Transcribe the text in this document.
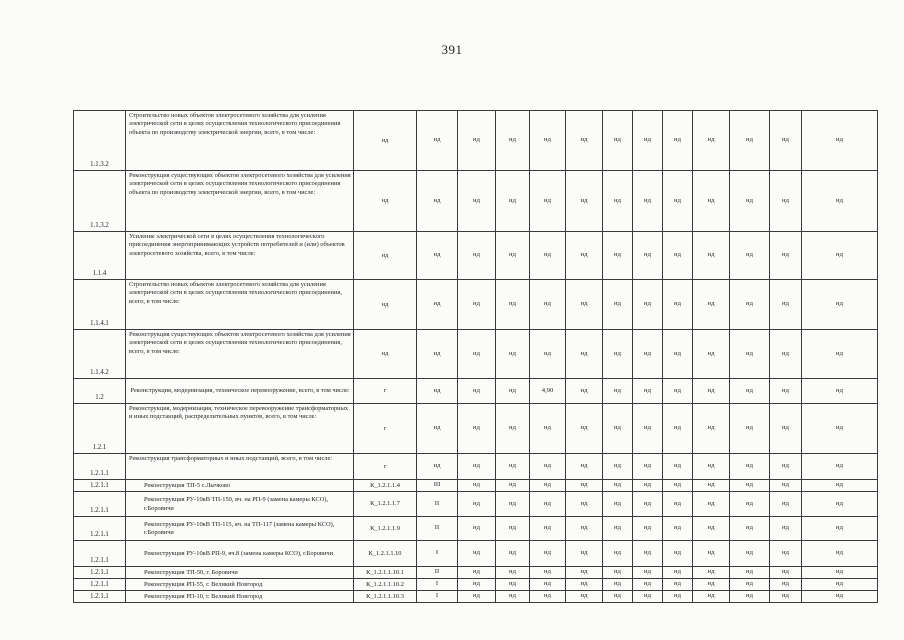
391
1.1.3.2	Строительство новых объектов электросетевого хозяйства для усиления электрической сети в целях осуществления технологического присоединения объекта по производству электрической энергии, всего, в том числе:	нд	нд	нд	нд	нд	нд	нд	нд	нд	нд	нд	нд	нд
1.1.3.2	Реконструкция существующих объектов электросетевого хозяйства для усиления электрической сети в целях осуществления технологического присоединения объекта по производству электрической энергии, всего, в том числе:	нд	нд	нд	нд	нд	нд	нд	нд	нд	нд	нд	нд	нд
1.1.4	Усиление электрической сети в целях осуществления технологического присоединения энергопринимающих устройств потребителей и (или) объектов электросетевого хозяйства, всего, в том числе:	нд	нд	нд	нд	нд	нд	нд	нд	нд	нд	нд	нд	нд
1.1.4.1	Строительство новых объектов электросетевого хозяйства для усиления электрической сети в целях осуществления технологического присоединения, всего, в том числе:	нд	нд	нд	нд	нд	нд	нд	нд	нд	нд	нд	нд	нд
1.1.4.2	Реконструкция существующих объектов электросетевого хозяйства для усиления электрической сети в целях осуществления технологического присоединения, всего, в том числе:	нд	нд	нд	нд	нд	нд	нд	нд	нд	нд	нд	нд	нд
1.2	Реконструкция, модернизация, техническое перевооружение, всего, в том числе:	г	нд	нд	нд	4,90	нд	нд	нд	нд	нд	нд	нд	нд
1.2.1	Реконструкция, модернизация, техническое перевооружение трансформаторных и иных подстанций, распределительных пунктов, всего, в том числе:	г	нд	нд	нд	нд	нд	нд	нд	нд	нд	нд	нд	нд
1.2.1.1	Реконструкция трансформаторных и иных подстанций, всего, в том числе:	г	нд	нд	нд	нд	нд	нд	нд	нд	нд	нд	нд	нд
1.2.1.1	Реконструкция ТП-5 с.Лычково	К_1.2.1.1.4	III	нд	нд	нд	нд	нд	нд	нд	нд	нд	нд	нд
1.2.1.1	Реконструкция РУ-10кВ ТП-150, яч. на РП-9 (замена камеры КСО), г.Боровичи	К_1.2.1.1.7	II	нд	нд	нд	нд	нд	нд	нд	нд	нд	нд	нд
1.2.1.1	Реконструкция РУ-10кВ ТП-115, яч. на ТП-117 (замена камеры КСО), г.Боровичи	К_1.2.1.1.9	II	нд	нд	нд	нд	нд	нд	нд	нд	нд	нд	нд
1.2.1.1	Реконструкция РУ-10кВ РП-9, яч.8 (замена камеры КСО), г.Боровичи	К_1.2.1.1.10	I	нд	нд	нд	нд	нд	нд	нд	нд	нд	нд	нд
1.2.1.1	Реконструкция ТП-50, г. Боровичи	К_1.2.1.1.10.1	II	нд	нд	нд	нд	нд	нд	нд	нд	нд	нд	нд
1.2.1.1	Реконструкция РП-55, г. Великий Новгород	К_1.2.1.1.10.2	I	нд	нд	нд	нд	нд	нд	нд	нд	нд	нд	нд
1.2.1.1	Реконструкция РП-10, г. Великий Новгород	К_1.2.1.1.10.3	I	нд	нд	нд	нд	нд	нд	нд	нд	нд	нд	нд
